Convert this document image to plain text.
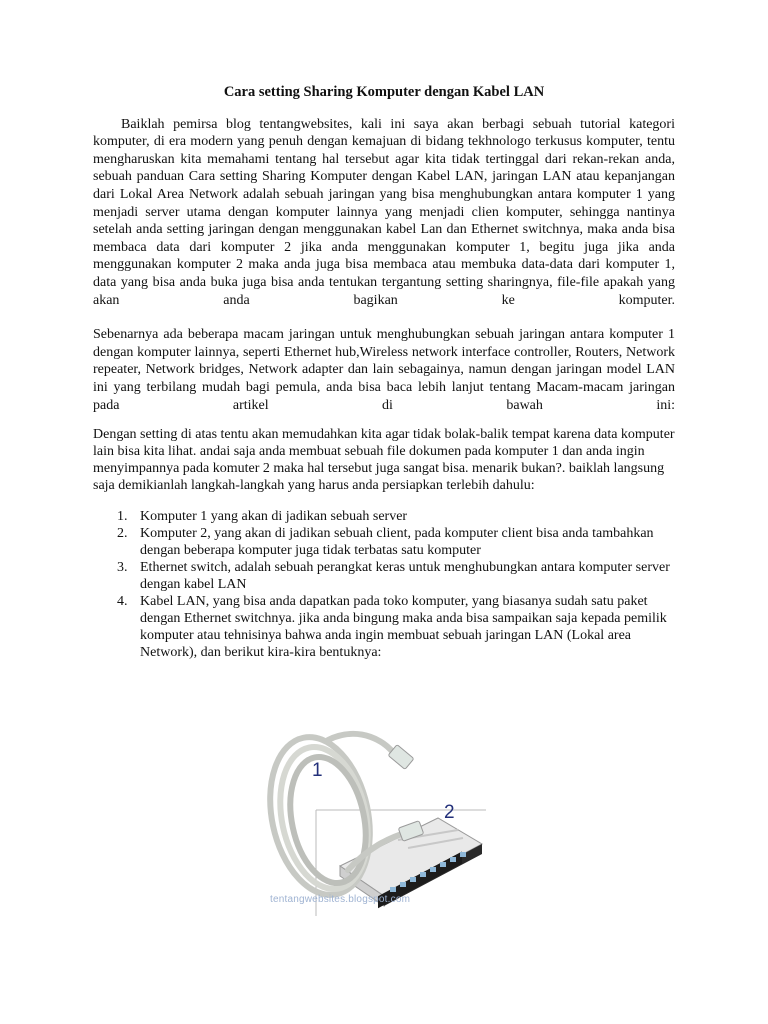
Cara setting Sharing Komputer dengan Kabel LAN

Baiklah pemirsa blog tentangwebsites, kali ini saya akan berbagi sebuah tutorial kategori komputer, di era modern yang penuh dengan kemajuan di bidang tekhnologo terkusus komputer, tentu mengharuskan kita memahami tentang hal tersebut agar kita tidak tertinggal dari rekan-rekan anda, sebuah panduan Cara setting Sharing Komputer dengan Kabel LAN, jaringan LAN atau kepanjangan dari Lokal Area Network adalah sebuah jaringan yang bisa menghubungkan antara komputer 1 yang menjadi server utama dengan komputer lainnya yang menjadi clien komputer, sehingga nantinya setelah anda setting jaringan dengan menggunakan kabel Lan dan Ethernet switchnya, maka anda bisa membaca data dari komputer 2 jika anda menggunakan komputer 1, begitu juga jika anda menggunakan komputer 2 maka anda juga bisa membaca atau membuka data-data dari komputer 1, data yang bisa anda buka juga bisa anda tentukan tergantung setting sharingnya, file-file apakah yang akan anda bagikan ke komputer.

Sebenarnya ada beberapa macam jaringan untuk menghubungkan sebuah jaringan antara komputer 1 dengan komputer lainnya, seperti Ethernet hub,Wireless network interface controller, Routers, Network repeater, Network bridges, Network adapter dan lain sebagainya, namun dengan jaringan model LAN ini yang terbilang mudah bagi pemula, anda bisa baca lebih lanjut tentang Macam-macam jaringan pada artikel di bawah ini:

Dengan setting di atas tentu akan memudahkan kita agar tidak bolak-balik tempat karena data komputer lain bisa kita lihat. andai saja anda membuat sebuah file dokumen pada komputer 1 dan anda ingin menyimpannya pada komuter 2 maka hal tersebut juga sangat bisa. menarik bukan?. baiklah langsung saja demikianlah langkah-langkah yang harus anda persiapkan terlebih dahulu:

1. Komputer 1 yang akan di jadikan sebuah server
2. Komputer 2, yang akan di jadikan sebuah client, pada komputer client bisa anda tambahkan dengan beberapa komputer juga tidak terbatas satu komputer
3. Ethernet switch, adalah sebuah perangkat keras untuk menghubungkan antara komputer server dengan kabel LAN
4. Kabel LAN, yang bisa anda dapatkan pada toko komputer, yang biasanya sudah satu paket dengan Ethernet switchnya. jika anda bingung maka anda bisa sampaikan saja kepada pemilik komputer atau tehnisinya bahwa anda ingin membuat sebuah jaringan LAN (Lokal area Network), dan berikut kira-kira bentuknya:
1
2
tentangwebsites.blogspot.com
